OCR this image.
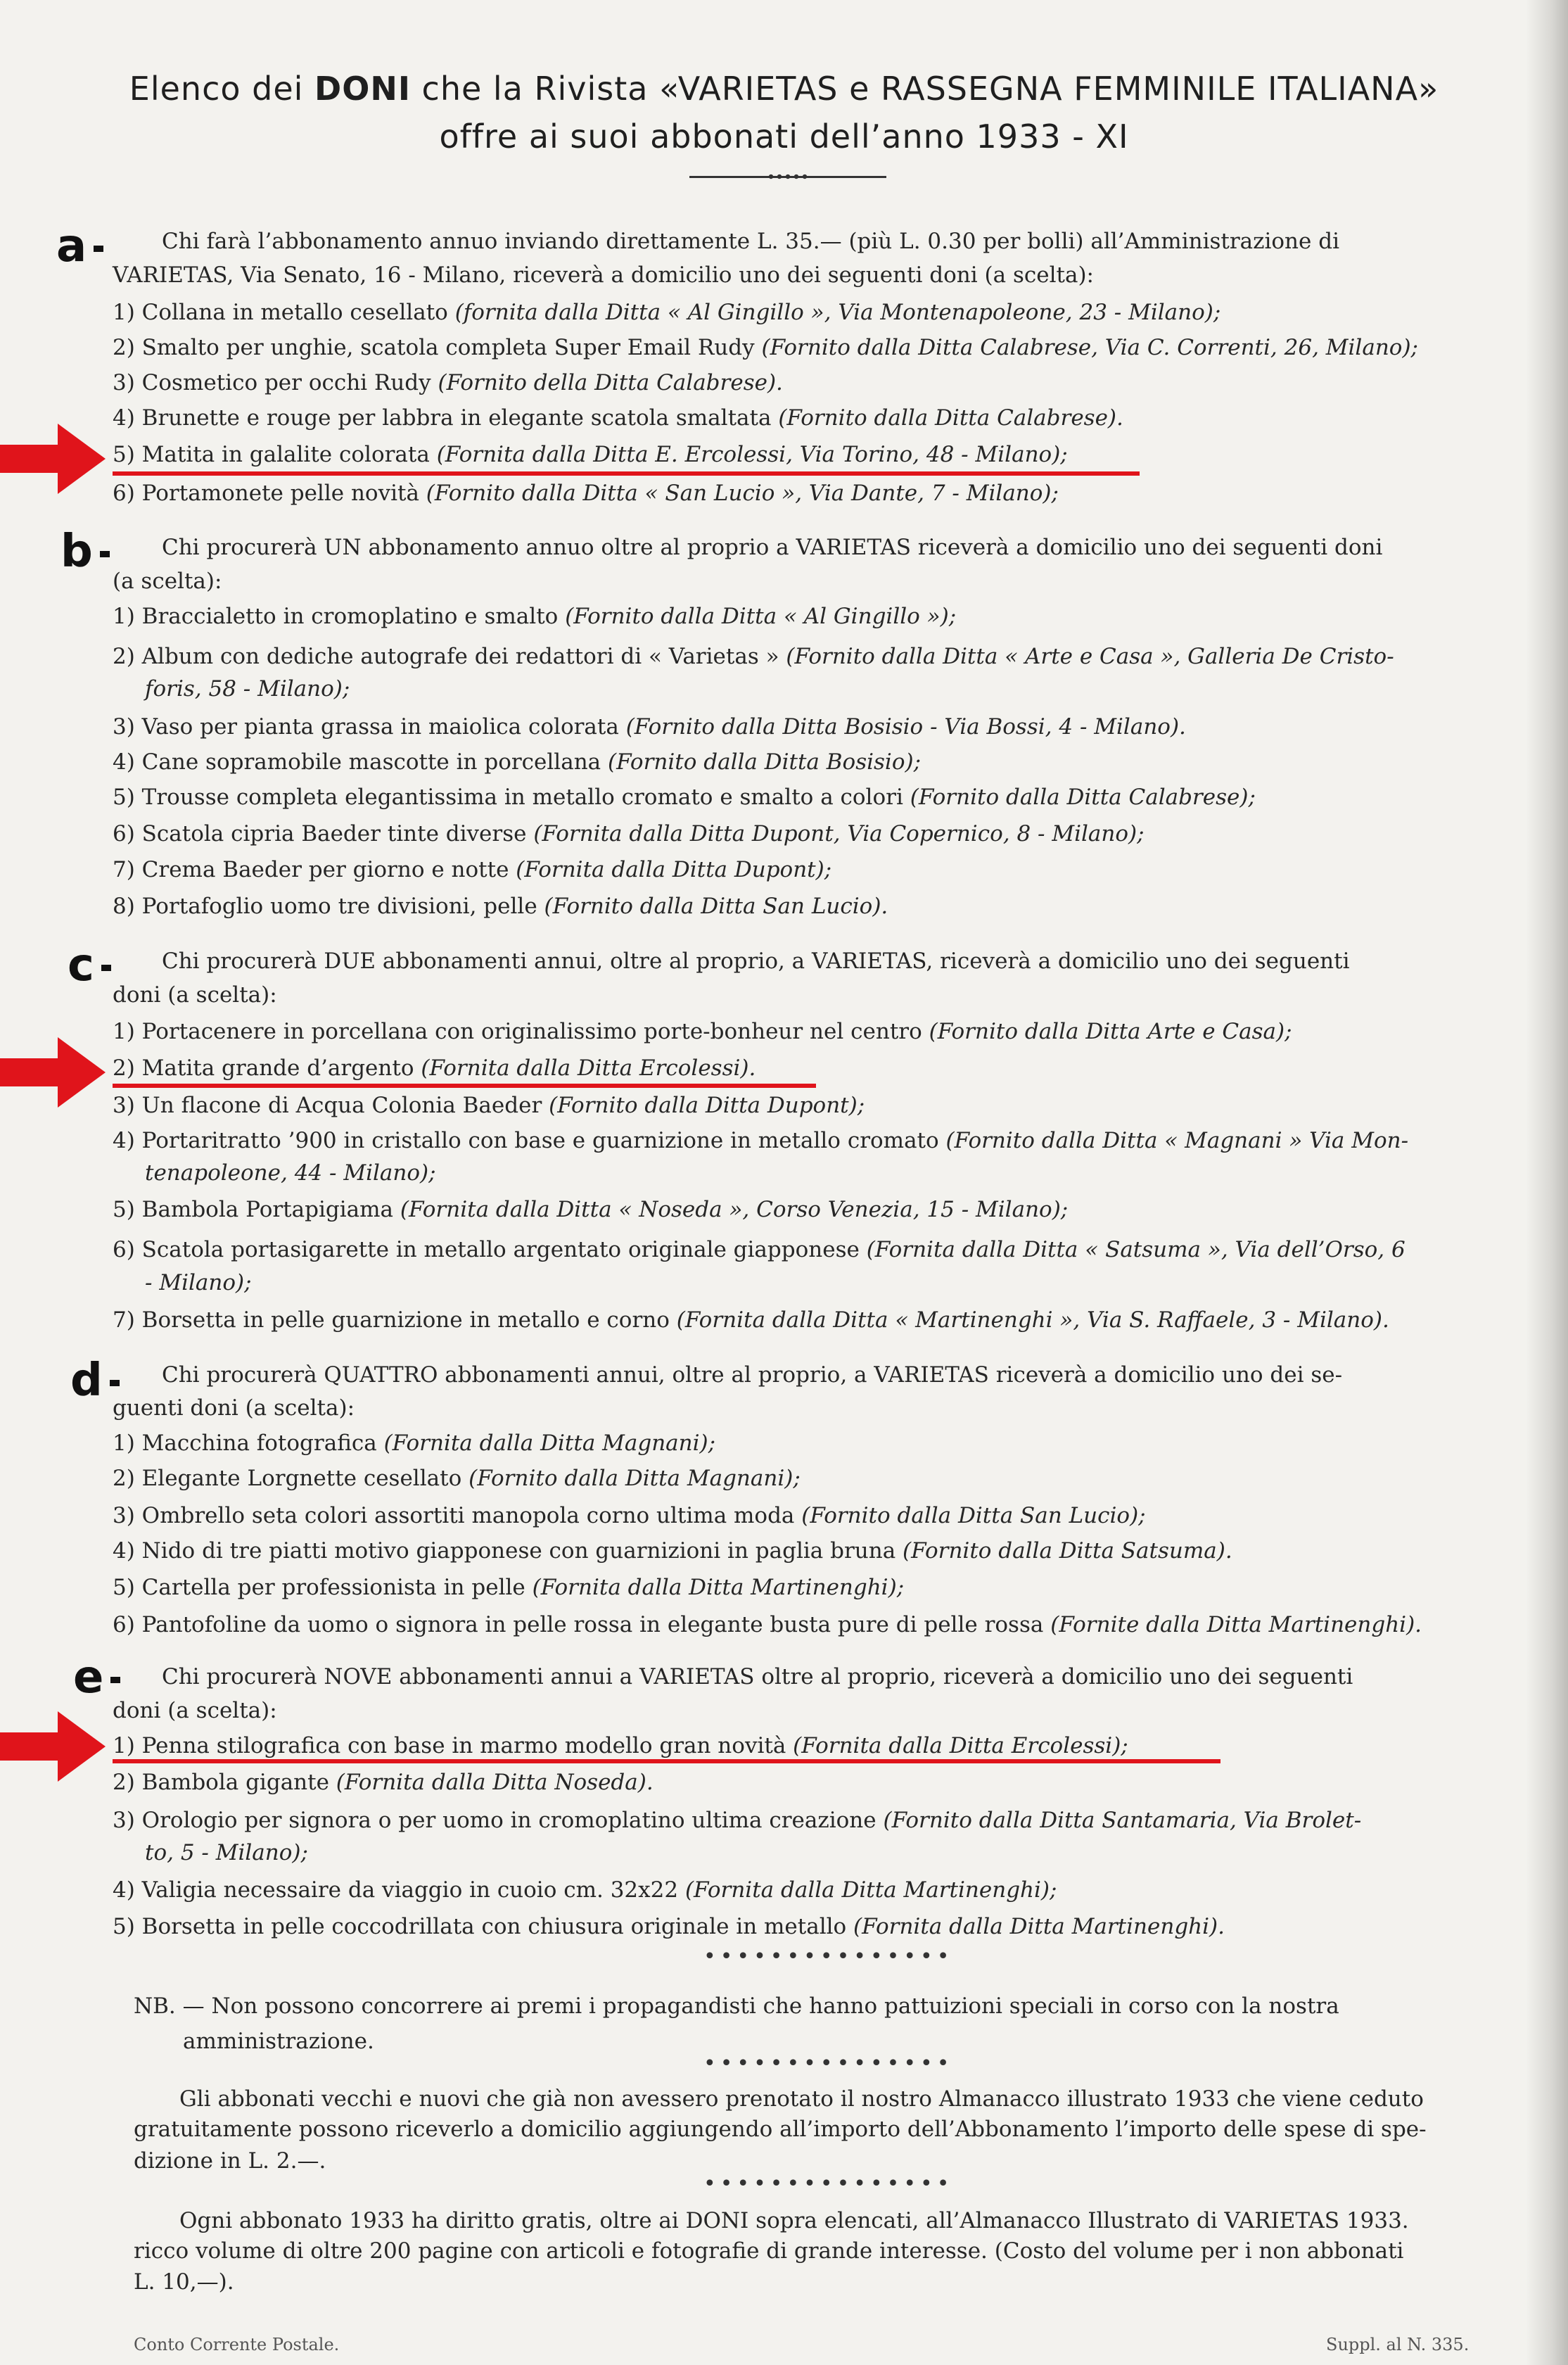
Elenco dei DONI che la Rivista «VARIETAS e RASSEGNA FEMMINILE ITALIANA»
offre ai suoi abbonati dell’anno 1933 - XI
a
b
c
d
e
Chi farà l’abbonamento annuo inviando direttamente L. 35.— (più L. 0.30 per bolli) all’Amministrazione di
VARIETAS, Via Senato, 16 - Milano, riceverà a domicilio uno dei seguenti doni (a scelta):
1) Collana in metallo cesellato (fornita dalla Ditta « Al Gingillo », Via Montenapoleone, 23 - Milano);
2) Smalto per unghie, scatola completa Super Email Rudy (Fornito dalla Ditta Calabrese, Via C. Correnti, 26, Milano);
3) Cosmetico per occhi Rudy (Fornito della Ditta Calabrese).
4) Brunette e rouge per labbra in elegante scatola smaltata (Fornito dalla Ditta Calabrese).
5) Matita in galalite colorata (Fornita dalla Ditta E. Ercolessi, Via Torino, 48 - Milano);
6) Portamonete pelle novità (Fornito dalla Ditta « San Lucio », Via Dante, 7 - Milano);
Chi procurerà UN abbonamento annuo oltre al proprio a VARIETAS riceverà a domicilio uno dei seguenti doni
(a scelta):
1) Braccialetto in cromoplatino e smalto (Fornito dalla Ditta « Al Gingillo »);
2) Album con dediche autografe dei redattori di « Varietas » (Fornito dalla Ditta « Arte e Casa », Galleria De Cristo-
foris, 58 - Milano);
3) Vaso per pianta grassa in maiolica colorata (Fornito dalla Ditta Bosisio - Via Bossi, 4 - Milano).
4) Cane sopramobile mascotte in porcellana (Fornito dalla Ditta Bosisio);
5) Trousse completa elegantissima in metallo cromato e smalto a colori (Fornito dalla Ditta Calabrese);
6) Scatola cipria Baeder tinte diverse (Fornita dalla Ditta Dupont, Via Copernico, 8 - Milano);
7) Crema Baeder per giorno e notte (Fornita dalla Ditta Dupont);
8) Portafoglio uomo tre divisioni, pelle (Fornito dalla Ditta San Lucio).
Chi procurerà DUE abbonamenti annui, oltre al proprio, a VARIETAS, riceverà a domicilio uno dei seguenti
doni (a scelta):
1) Portacenere in porcellana con originalissimo porte-bonheur nel centro (Fornito dalla Ditta Arte e Casa);
2) Matita grande d’argento (Fornita dalla Ditta Ercolessi).
3) Un flacone di Acqua Colonia Baeder (Fornito dalla Ditta Dupont);
4) Portaritratto ’900 in cristallo con base e guarnizione in metallo cromato (Fornito dalla Ditta « Magnani » Via Mon-
tenapoleone, 44 - Milano);
5) Bambola Portapigiama (Fornita dalla Ditta « Noseda », Corso Venezia, 15 - Milano);
6) Scatola portasigarette in metallo argentato originale giapponese (Fornita dalla Ditta « Satsuma », Via dell’Orso, 6
- Milano);
7) Borsetta in pelle guarnizione in metallo e corno (Fornita dalla Ditta « Martinenghi », Via S. Raffaele, 3 - Milano).
Chi procurerà QUATTRO abbonamenti annui, oltre al proprio, a VARIETAS riceverà a domicilio uno dei se-
guenti doni (a scelta):
1) Macchina fotografica (Fornita dalla Ditta Magnani);
2) Elegante Lorgnette cesellato (Fornito dalla Ditta Magnani);
3) Ombrello seta colori assortiti manopola corno ultima moda (Fornito dalla Ditta San Lucio);
4) Nido di tre piatti motivo giapponese con guarnizioni in paglia bruna (Fornito dalla Ditta Satsuma).
5) Cartella per professionista in pelle (Fornita dalla Ditta Martinenghi);
6) Pantofoline da uomo o signora in pelle rossa in elegante busta pure di pelle rossa (Fornite dalla Ditta Martinenghi).
Chi procurerà NOVE abbonamenti annui a VARIETAS oltre al proprio, riceverà a domicilio uno dei seguenti
doni (a scelta):
1) Penna stilografica con base in marmo modello gran novità (Fornita dalla Ditta Ercolessi);
2) Bambola gigante (Fornita dalla Ditta Noseda).
3) Orologio per signora o per uomo in cromoplatino ultima creazione (Fornito dalla Ditta Santamaria, Via Brolet-
to, 5 - Milano);
4) Valigia necessaire da viaggio in cuoio cm. 32x22 (Fornita dalla Ditta Martinenghi);
5) Borsetta in pelle coccodrillata con chiusura originale in metallo (Fornita dalla Ditta Martinenghi).
•••••••••••••••
NB. — Non possono concorrere ai premi i propagandisti che hanno pattuizioni speciali in corso con la nostra
amministrazione.
•••••••••••••••
Gli abbonati vecchi e nuovi che già non avessero prenotato il nostro Almanacco illustrato 1933 che viene ceduto
gratuitamente possono riceverlo a domicilio aggiungendo all’importo dell’Abbonamento l’importo delle spese di spe-
dizione in L. 2.—.
•••••••••••••••
Ogni abbonato 1933 ha diritto gratis, oltre ai DONI sopra elencati, all’Almanacco Illustrato di VARIETAS 1933.
ricco volume di oltre 200 pagine con articoli e fotografie di grande interesse. (Costo del volume per i non abbonati
L. 10,—).
Conto Corrente Postale.	Suppl. al N. 335.
